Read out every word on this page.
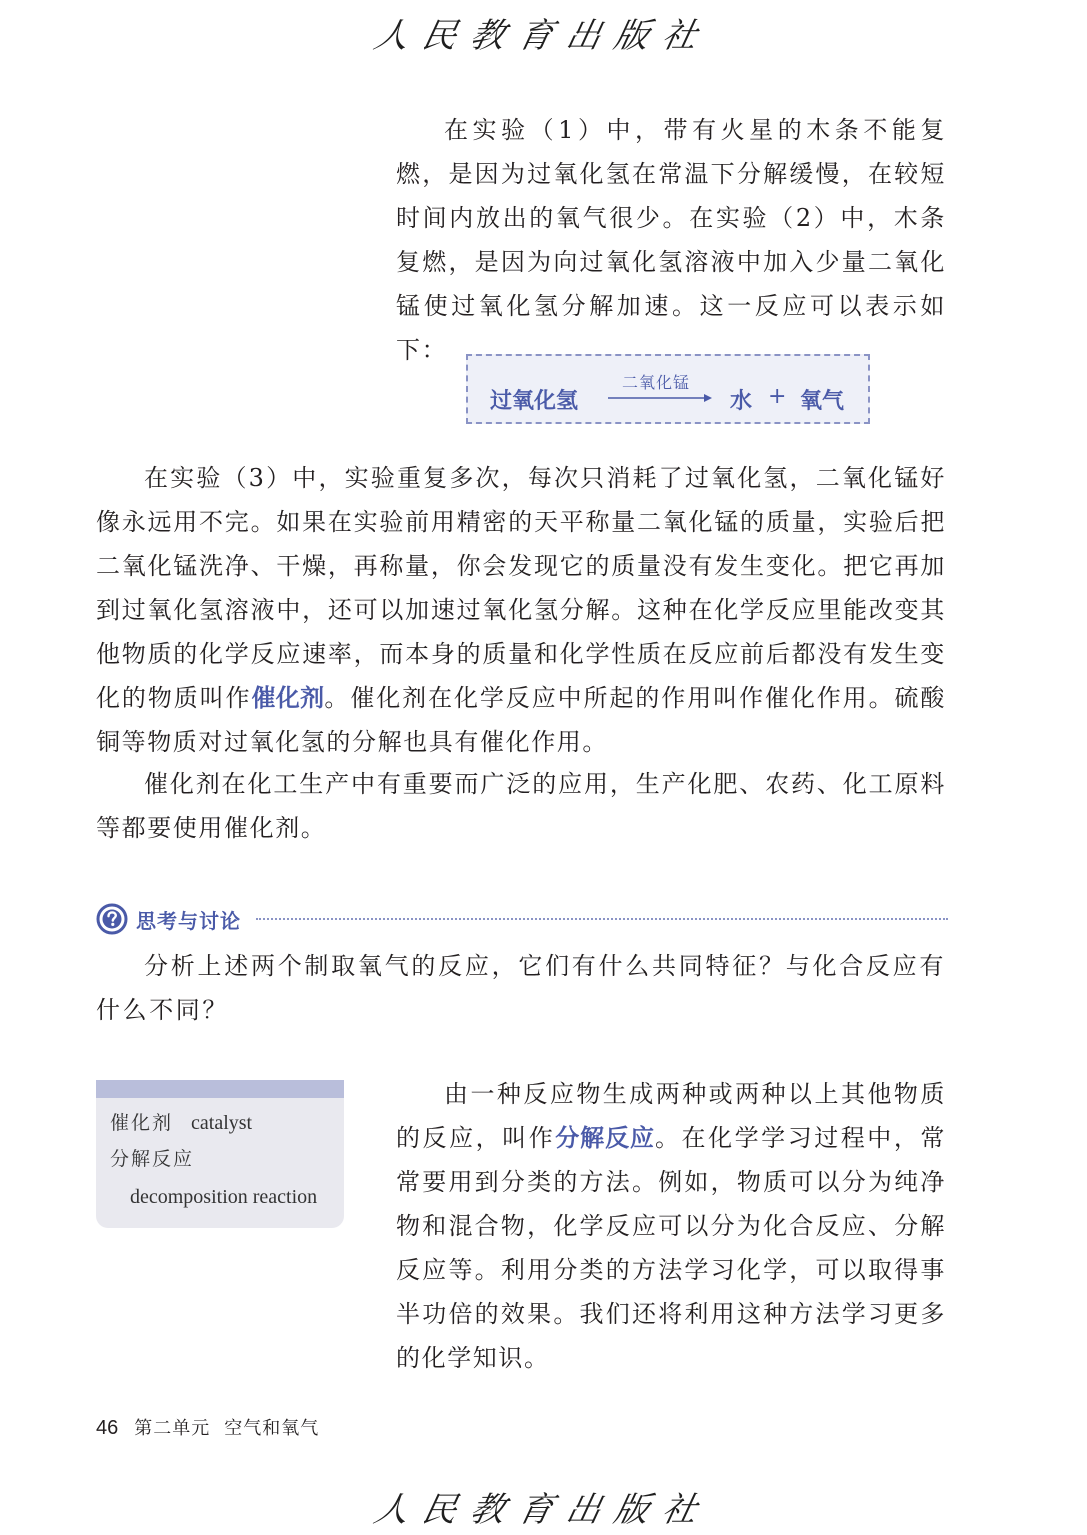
人民教育出版社

在实验（1）中，带有火星的木条不能复燃，是因为过氧化氢在常温下分解缓慢，在较短时间内放出的氧气很少。在实验（2）中，木条复燃，是因为向过氧化氢溶液中加入少量二氧化锰使过氧化氢分解加速。这一反应可以表示如下：

过氧化氢
二氧化锰
水 + 氧气

在实验（3）中，实验重复多次，每次只消耗了过氧化氢，二氧化锰好像永远用不完。如果在实验前用精密的天平称量二氧化锰的质量，实验后把二氧化锰洗净、干燥，再称量，你会发现它的质量没有发生变化。把它再加到过氧化氢溶液中，还可以加速过氧化氢分解。这种在化学反应里能改变其他物质的化学反应速率，而本身的质量和化学性质在反应前后都没有发生变化的物质叫作催化剂。催化剂在化学反应中所起的作用叫作催化作用。硫酸铜等物质对过氧化氢的分解也具有催化作用。

催化剂在化工生产中有重要而广泛的应用，生产化肥、农药、化工原料等都要使用催化剂。

思考与讨论

分析上述两个制取氧气的反应，它们有什么共同特征？与化合反应有什么不同？

催化剂 catalyst
分解反应
decomposition reaction

由一种反应物生成两种或两种以上其他物质的反应，叫作分解反应。在化学学习过程中，常常要用到分类的方法。例如，物质可以分为纯净物和混合物，化学反应可以分为化合反应、分解反应等。利用分类的方法学习化学，可以取得事半功倍的效果。我们还将利用这种方法学习更多的化学知识。

46 第二单元 空气和氧气
人民教育出版社
